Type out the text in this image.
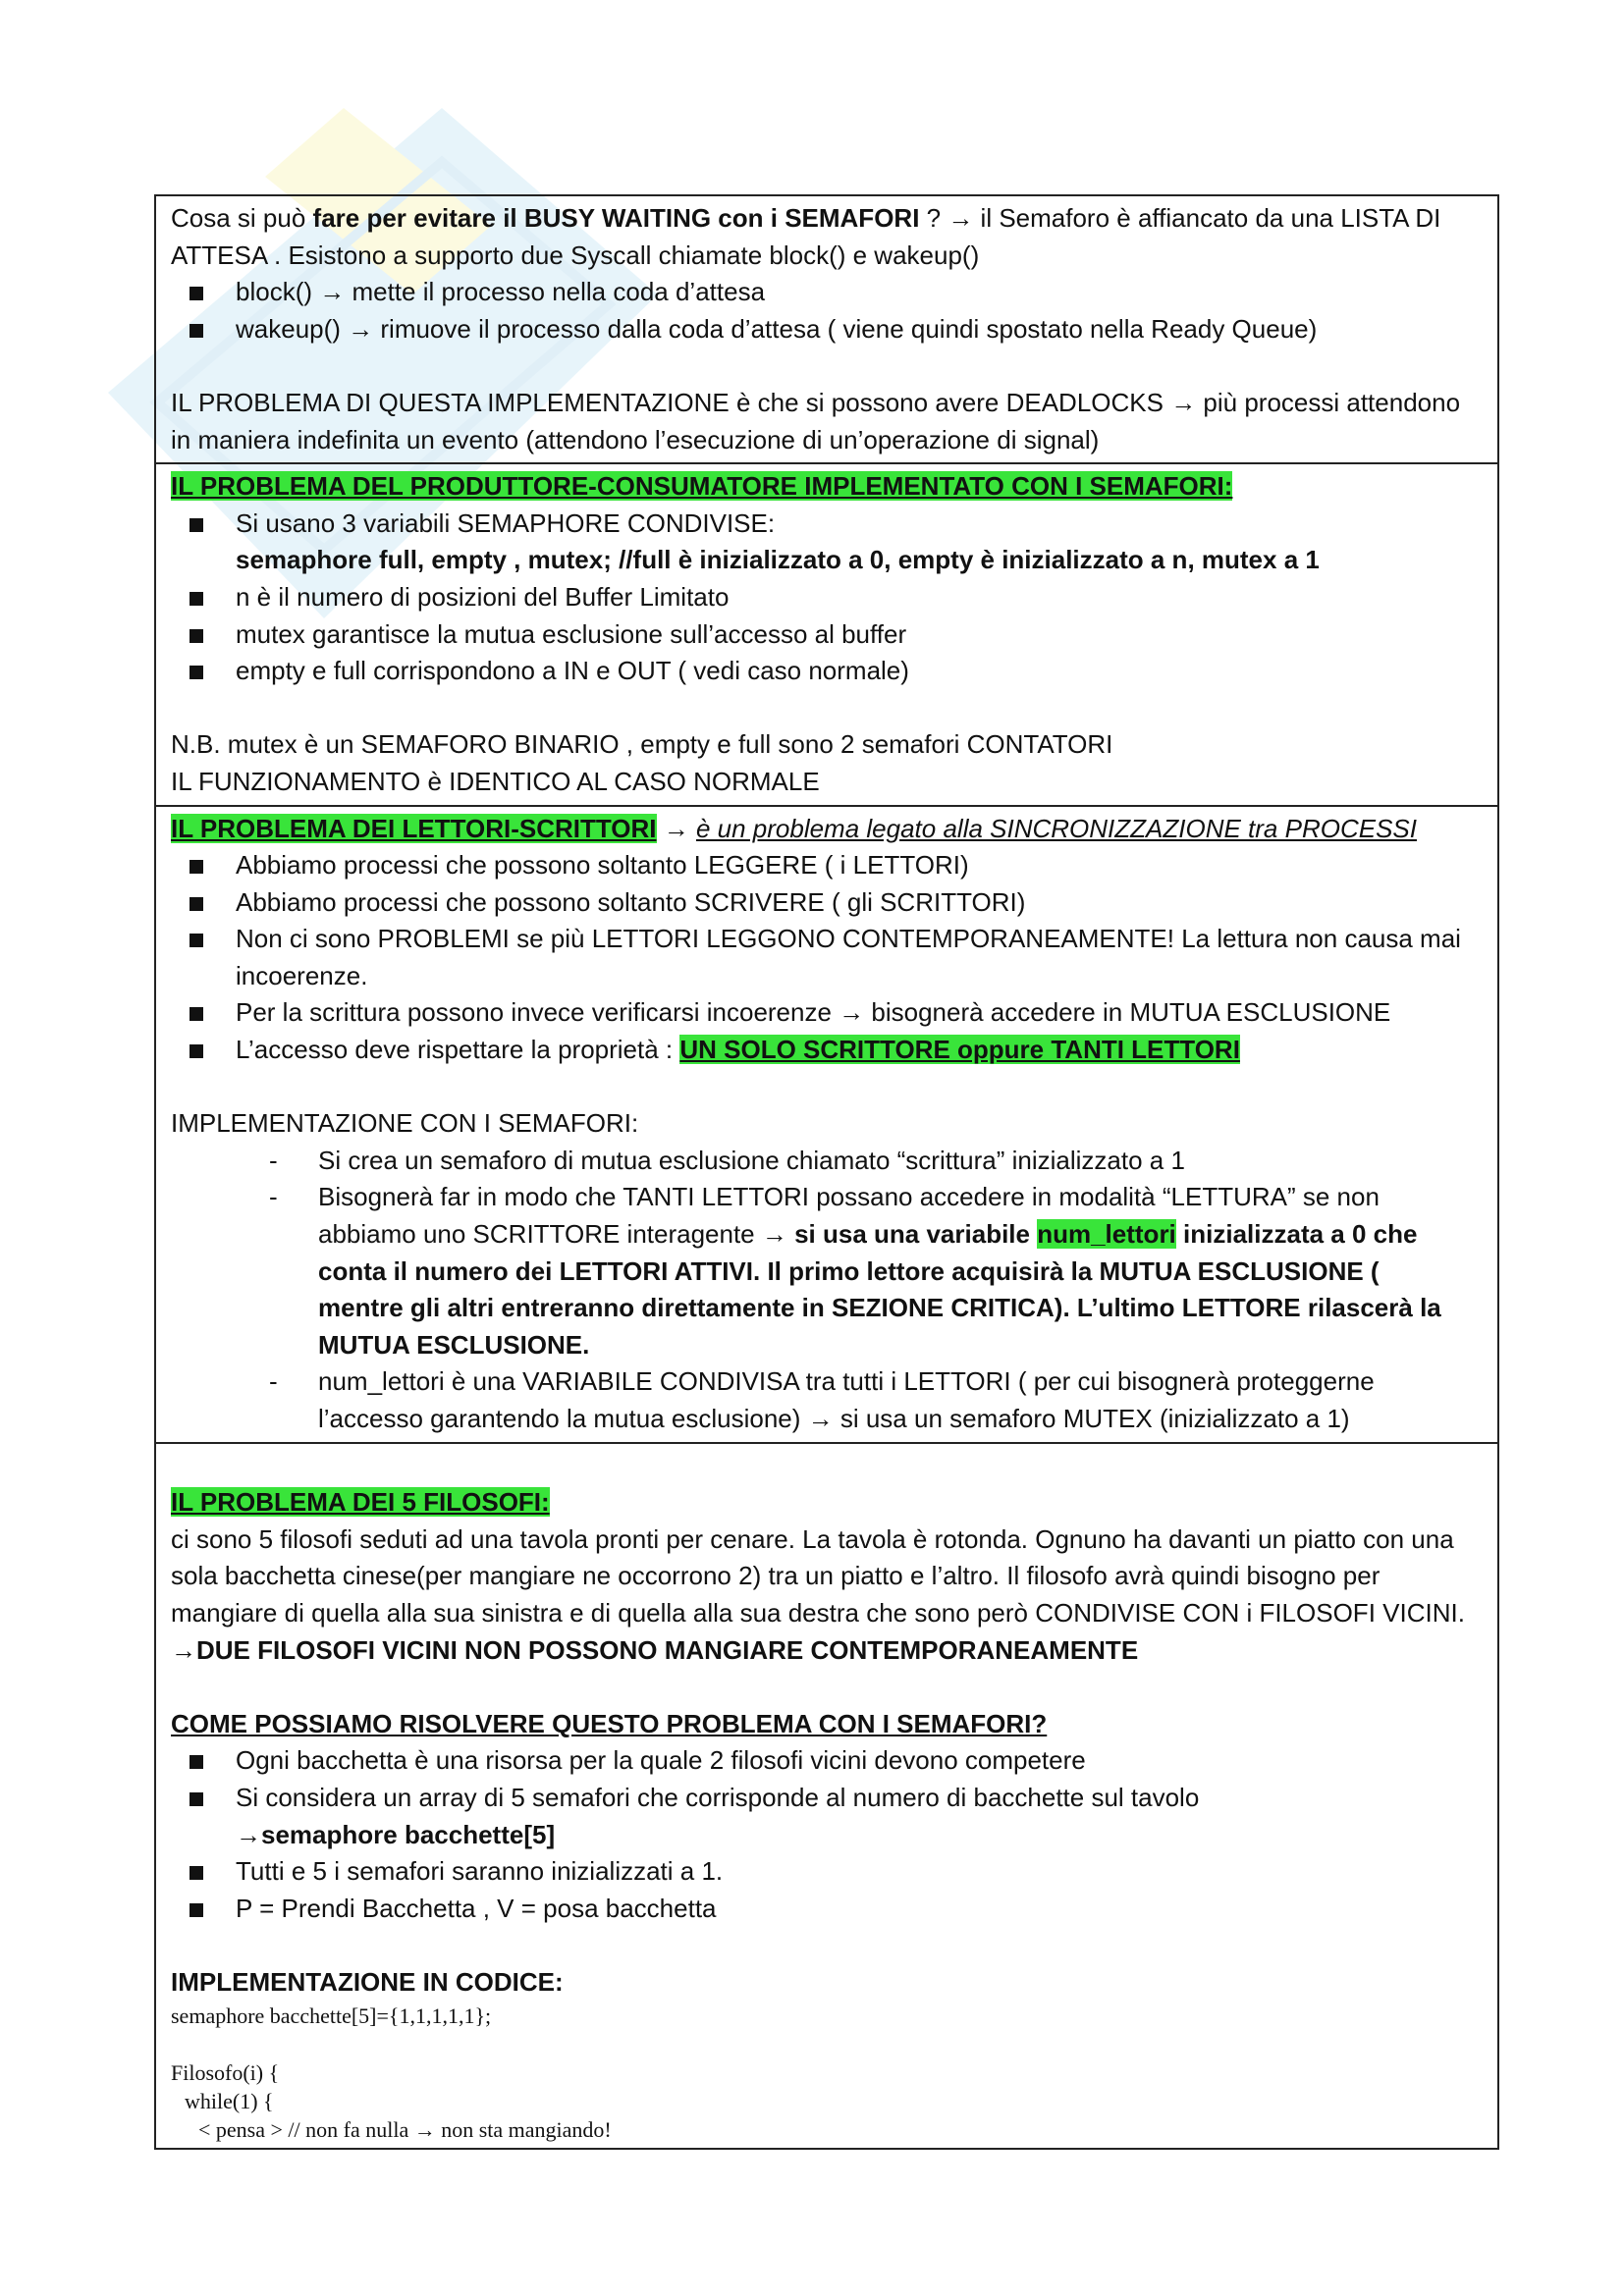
Cosa si può fare per evitare il BUSY WAITING con i SEMAFORI ? → il Semaforo è affiancato da una LISTA DI ATTESA . Esistono a supporto due Syscall chiamate block() e wakeup()

block() → mette il processo nella coda d’attesa
wakeup() → rimuove il processo dalla coda d’attesa ( viene quindi spostato nella Ready Queue)

IL PROBLEMA DI QUESTA IMPLEMENTAZIONE è che si possono avere DEADLOCKS → più processi attendono in maniera indefinita un evento (attendono l’esecuzione di un’operazione di signal)

IL PROBLEMA DEL PRODUTTORE-CONSUMATORE IMPLEMENTATO CON I SEMAFORI:

Si usano 3 variabili SEMAPHORE CONDIVISE:
semaphore full, empty , mutex; //full è inizializzato a 0, empty è inizializzato a n, mutex a 1
n è il numero di posizioni del Buffer Limitato
mutex garantisce la mutua esclusione sull’accesso al buffer
empty e full corrispondono a IN e OUT ( vedi caso normale)

N.B. mutex è un SEMAFORO BINARIO , empty e full sono 2 semafori CONTATORI

IL FUNZIONAMENTO è IDENTICO AL CASO NORMALE

IL PROBLEMA DEI LETTORI-SCRITTORI → è un problema legato alla SINCRONIZZAZIONE tra PROCESSI

Abbiamo processi che possono soltanto LEGGERE ( i LETTORI)
Abbiamo processi che possono soltanto SCRIVERE ( gli SCRITTORI)
Non ci sono PROBLEMI se più LETTORI LEGGONO CONTEMPORANEAMENTE! La lettura non causa mai incoerenze.
Per la scrittura possono invece verificarsi incoerenze → bisognerà accedere in MUTUA ESCLUSIONE
L’accesso deve rispettare la proprietà : UN SOLO SCRITTORE oppure TANTI LETTORI

IMPLEMENTAZIONE CON I SEMAFORI:

- Si crea un semaforo di mutua esclusione chiamato “scrittura” inizializzato a 1
- Bisognerà far in modo che TANTI LETTORI possano accedere in modalità “LETTURA” se non abbiamo uno SCRITTORE interagente → si usa una variabile num_lettori inizializzata a 0 che conta il numero dei LETTORI ATTIVI. Il primo lettore acquisirà la MUTUA ESCLUSIONE ( mentre gli altri entreranno direttamente in SEZIONE CRITICA). L’ultimo LETTORE rilascerà la MUTUA ESCLUSIONE.
- num_lettori è una VARIABILE CONDIVISA tra tutti i LETTORI ( per cui bisognerà proteggerne l’accesso garantendo la mutua esclusione) → si usa un semaforo MUTEX (inizializzato a 1)

IL PROBLEMA DEI 5 FILOSOFI:

ci sono 5 filosofi seduti ad una tavola pronti per cenare. La tavola è rotonda. Ognuno ha davanti un piatto con una sola bacchetta cinese(per mangiare ne occorrono 2) tra un piatto e l’altro. Il filosofo avrà quindi bisogno per mangiare di quella alla sua sinistra e di quella alla sua destra che sono però CONDIVISE CON i FILOSOFI VICINI. →DUE FILOSOFI VICINI NON POSSONO MANGIARE CONTEMPORANEAMENTE

COME POSSIAMO RISOLVERE QUESTO PROBLEMA CON I SEMAFORI?

Ogni bacchetta è una risorsa per la quale 2 filosofi vicini devono competere
Si considera un array di 5 semafori che corrisponde al numero di bacchette sul tavolo
→semaphore bacchette[5]
Tutti e 5 i semafori saranno inizializzati a 1.
P = Prendi Bacchetta , V = posa bacchetta

IMPLEMENTAZIONE IN CODICE:

semaphore bacchette[5]={1,1,1,1,1};

Filosofo(i) {

while(1) {

< pensa > // non fa nulla → non sta mangiando!
